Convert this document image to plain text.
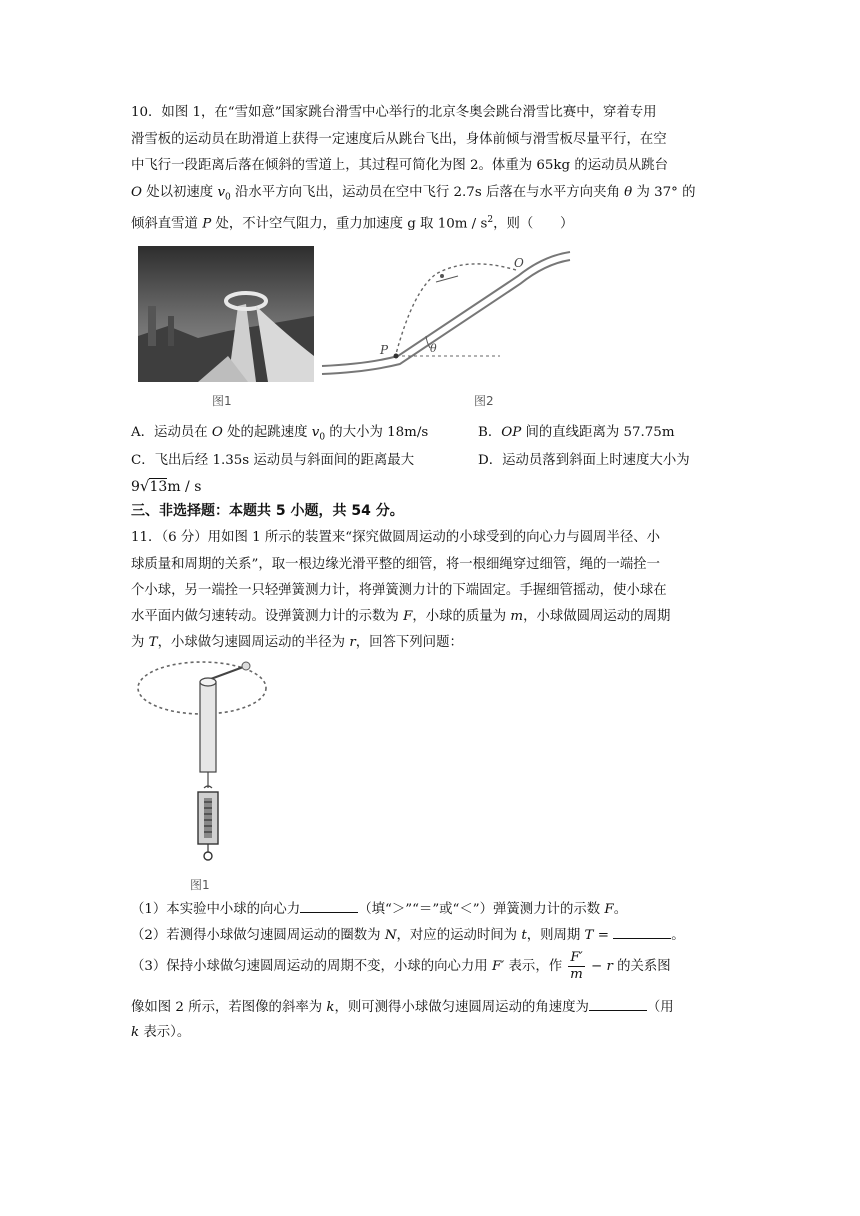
10．如图 1，在“雪如意”国家跳台滑雪中心举行的北京冬奥会跳台滑雪比赛中，穿着专用
滑雪板的运动员在助滑道上获得一定速度后从跳台飞出，身体前倾与滑雪板尽量平行，在空
中飞行一段距离后落在倾斜的雪道上，其过程可简化为图 2。体重为 65kg 的运动员从跳台
O 处以初速度 $v_0$ 沿水平方向飞出，运动员在空中飞行 2.7s 后落在与水平方向夹角 θ 为 37° 的
倾斜直雪道 P 处，不计空气阻力，重力加速度 g 取 $10m / s^2$，则（　　）
图1
O
P	θ
图2
A．运动员在 O 处的起跳速度 $v_0$ 的大小为 18m/s	B．OP 间的直线距离为 57.75m
C．飞出后经 1.35s 运动员与斜面间的距离最大	D．运动员落到斜面上时速度大小为
9√13m / s
三、非选择题：本题共 5 小题，共 54 分。
11．（6 分）用如图 1 所示的装置来“探究做圆周运动的小球受到的向心力与圆周半径、小
球质量和周期的关系”，取一根边缘光滑平整的细管，将一根细绳穿过细管，绳的一端拴一
个小球，另一端拴一只轻弹簧测力计，将弹簧测力计的下端固定。手握细管摇动，使小球在
水平面内做匀速转动。设弹簧测力计的示数为 F，小球的质量为 m，小球做圆周运动的周期
为 T，小球做匀速圆周运动的半径为 r，回答下列问题：
图1
（1）本实验中小球的向心力	（填“＞”“＝”或“＜”）弹簧测力计的示数 F。
（2）若测得小球做匀速圆周运动的圈数为 N，对应的运动时间为 t，则周期 T =	。
（3）保持小球做匀速圆周运动的周期不变，小球的向心力用 F′ 表示，作 $\frac{F'}{m} - r$ 的关系图
像如图 2 所示，若图像的斜率为 k，则可测得小球做匀速圆周运动的角速度为	（用
k 表示）。
